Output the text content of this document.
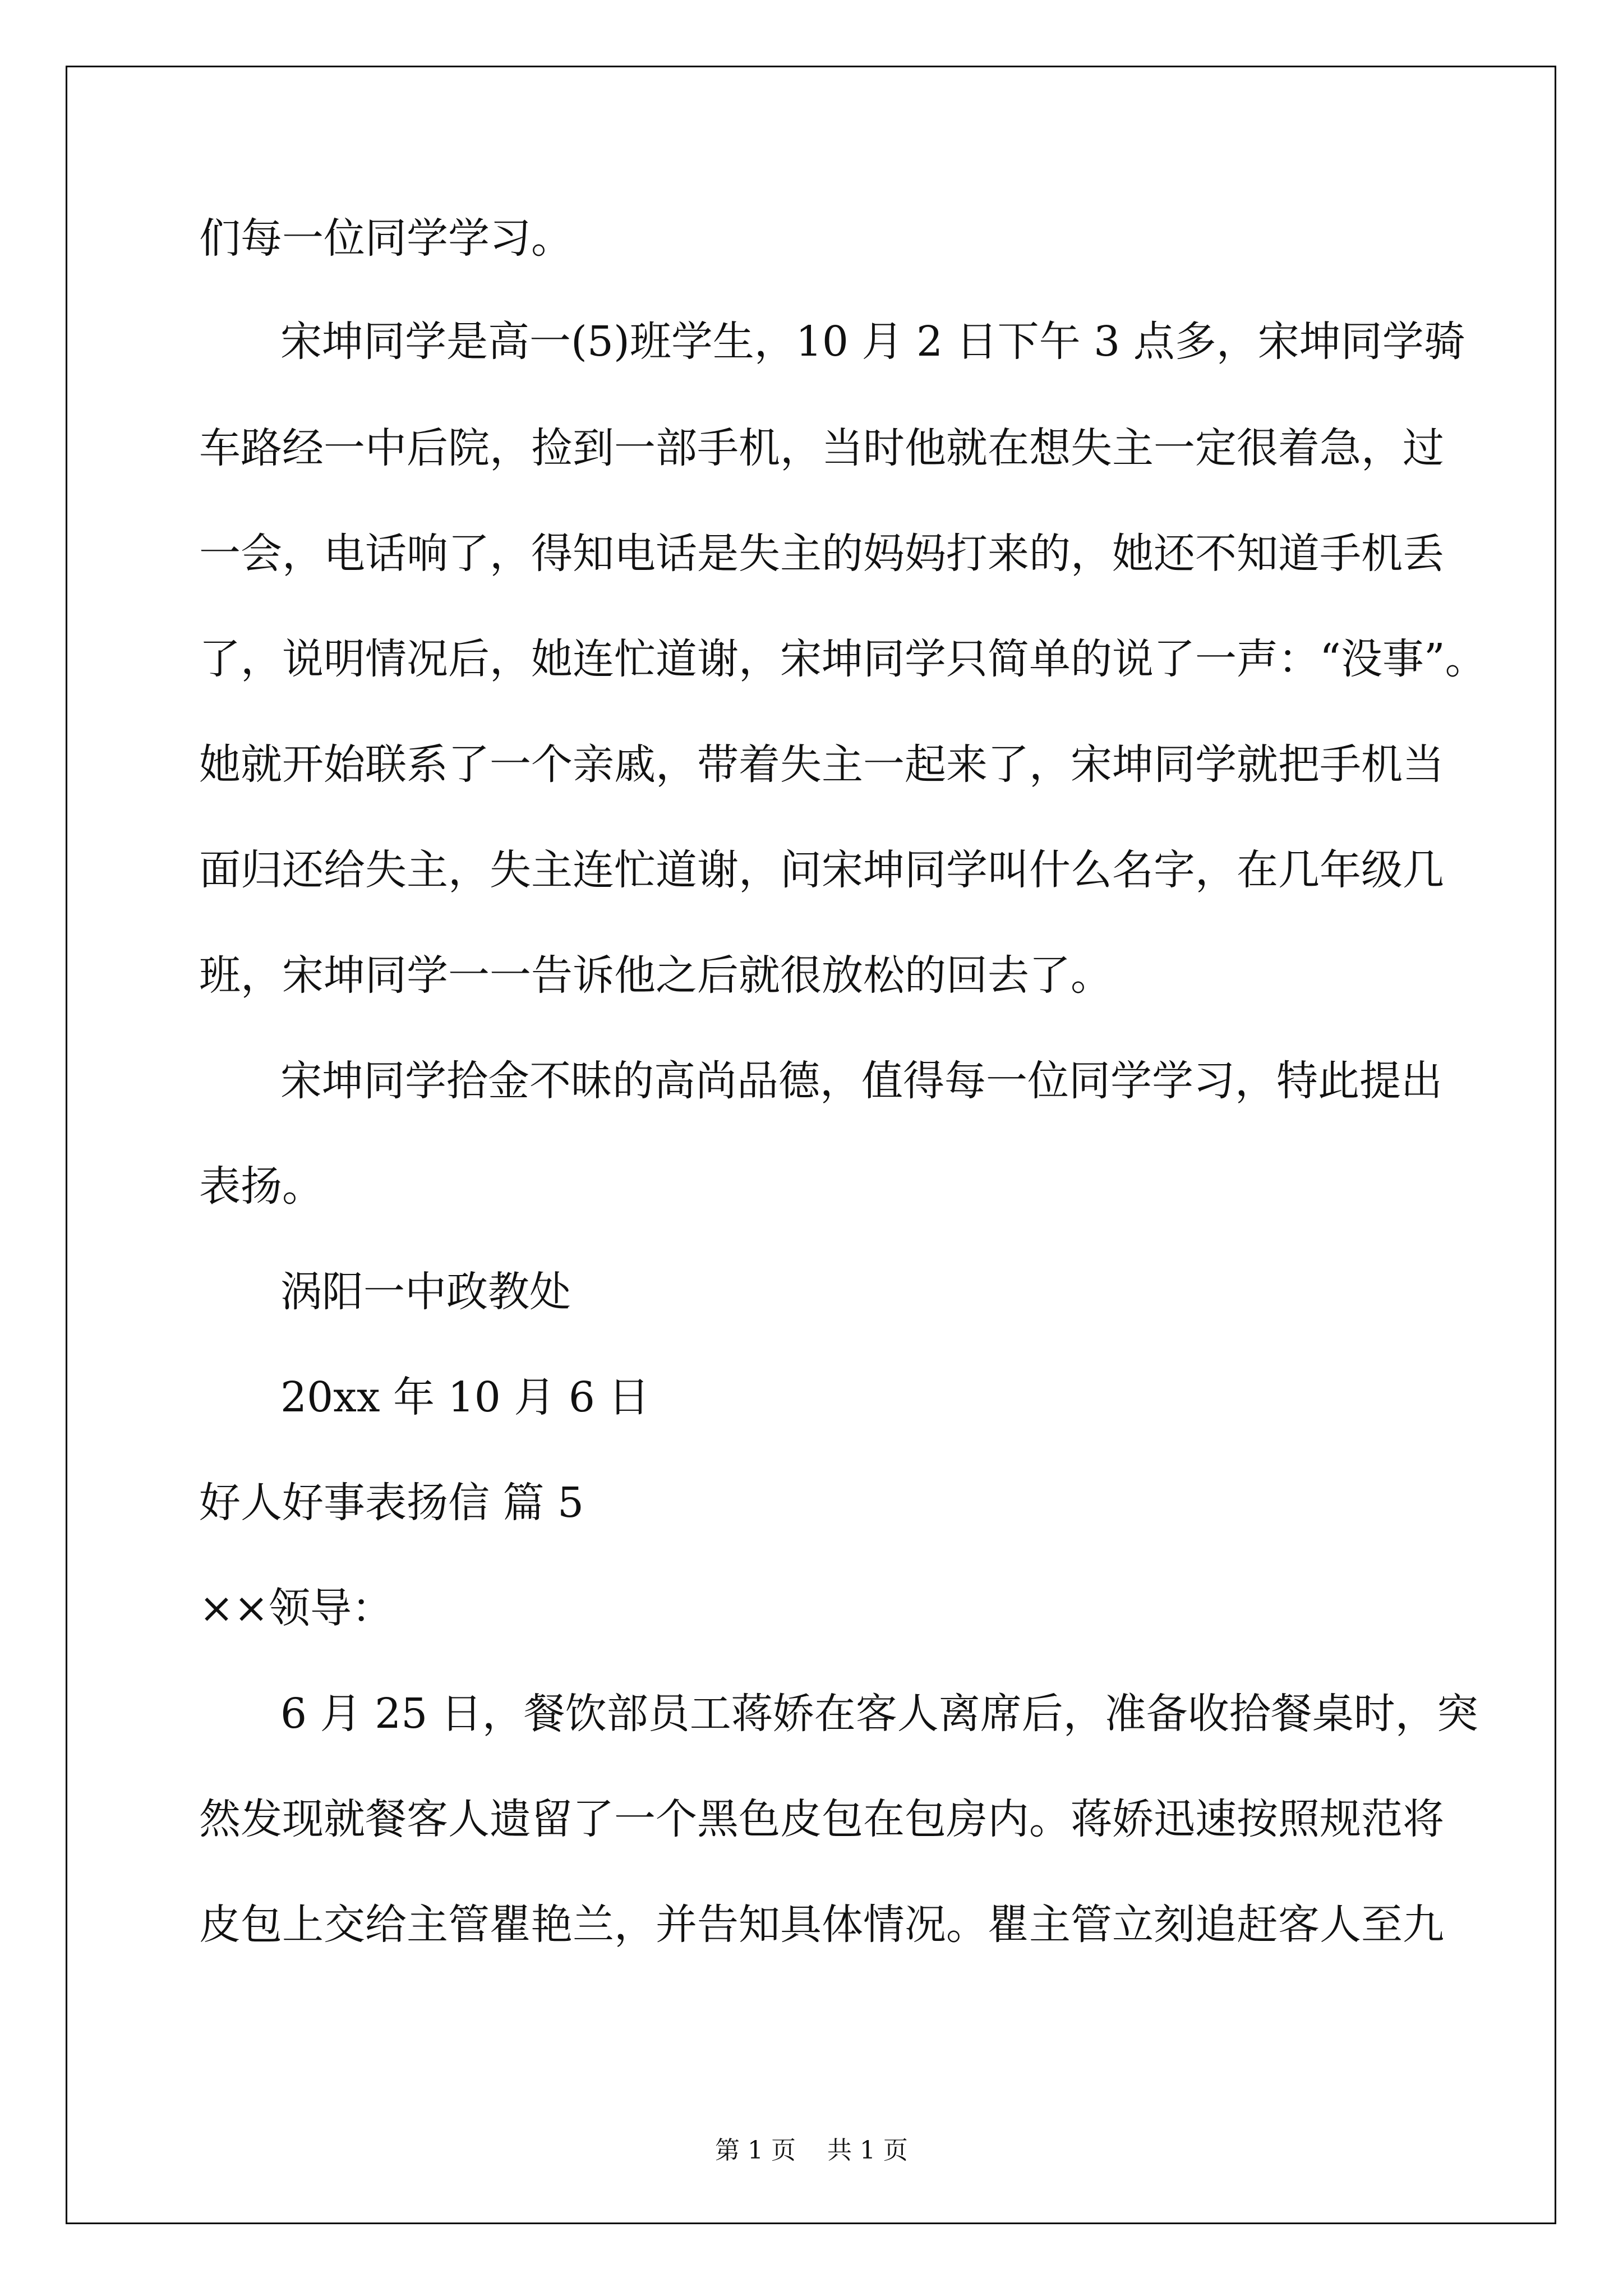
们每一位同学学习。
宋坤同学是高一(5)班学生，10 月 2 日下午 3 点多，宋坤同学骑
车路经一中后院，捡到一部手机，当时他就在想失主一定很着急，过
一会，电话响了，得知电话是失主的妈妈打来的，她还不知道手机丢
了，说明情况后，她连忙道谢，宋坤同学只简单的说了一声：“没事”。
她就开始联系了一个亲戚，带着失主一起来了，宋坤同学就把手机当
面归还给失主，失主连忙道谢，问宋坤同学叫什么名字，在几年级几
班，宋坤同学一一告诉他之后就很放松的回去了。
宋坤同学拾金不昧的高尚品德，值得每一位同学学习，特此提出
表扬。
涡阳一中政教处
20xx 年 10 月 6 日
好人好事表扬信 篇 5
××领导：
6 月 25 日，餐饮部员工蒋娇在客人离席后，准备收拾餐桌时，突
然发现就餐客人遗留了一个黑色皮包在包房内。蒋娇迅速按照规范将
皮包上交给主管瞿艳兰，并告知具体情况。瞿主管立刻追赶客人至九
第 1 页    共 1 页
